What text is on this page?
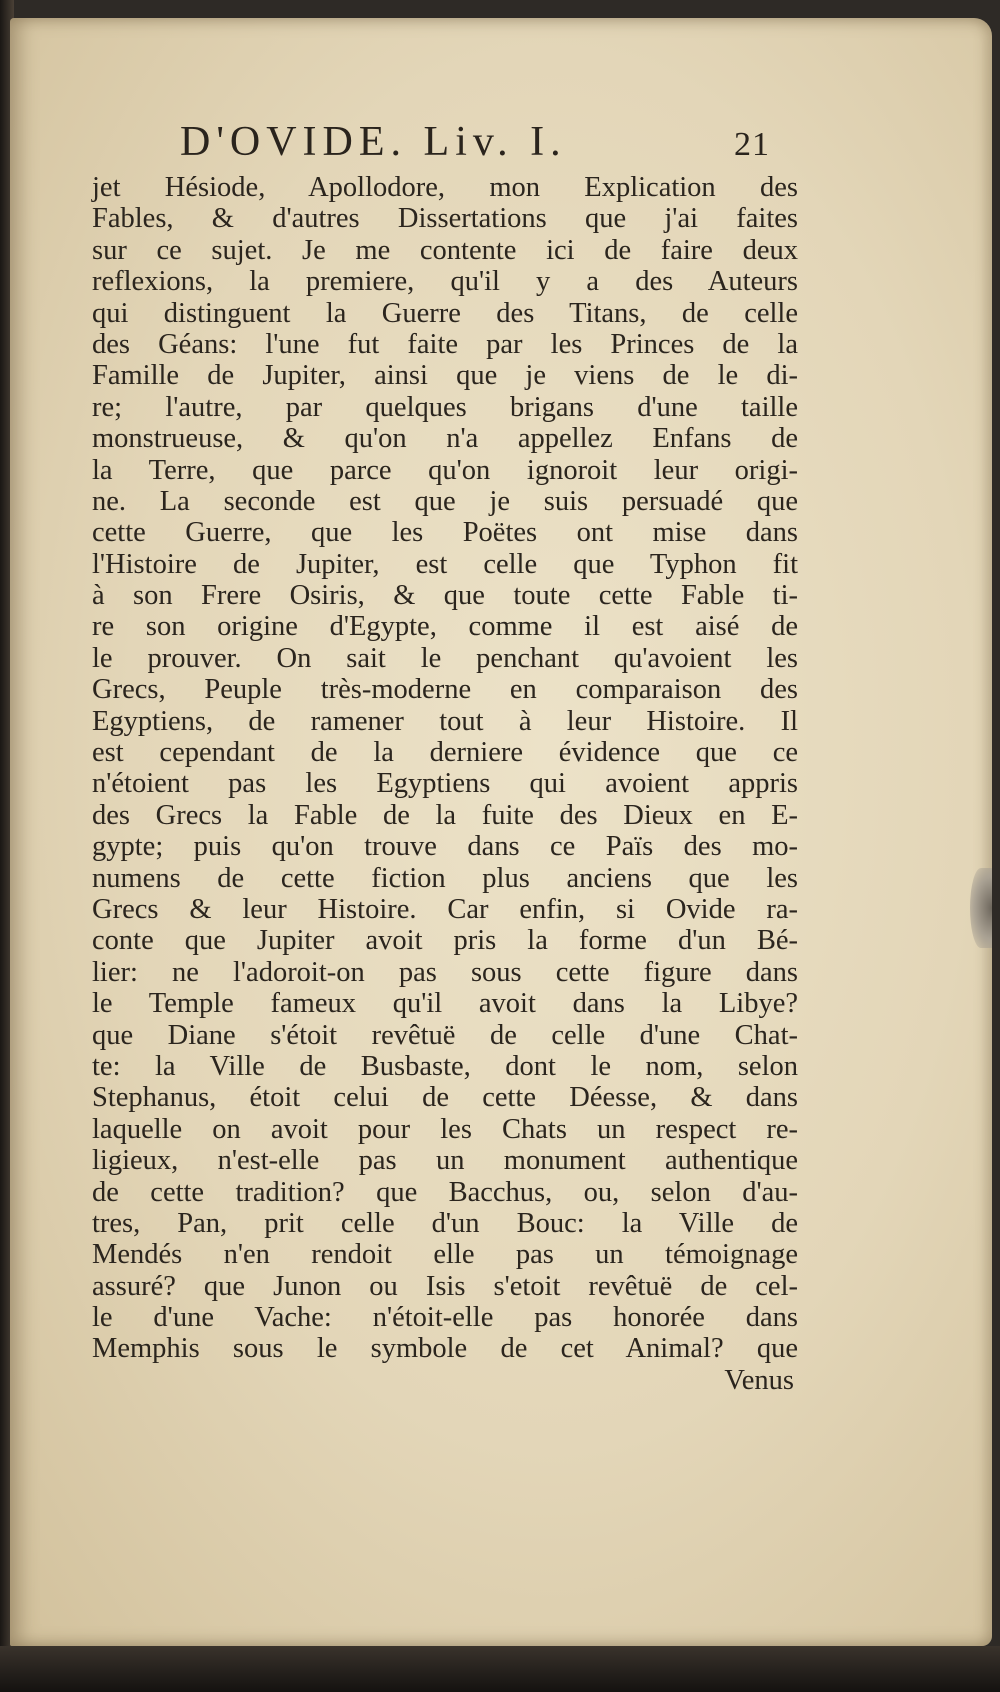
D'OVIDE. Liv. I.	21
jet Hésiode, Apollodore, mon Explication des
Fables, & d'autres Dissertations que j'ai faites
sur ce sujet. Je me contente ici de faire deux
reflexions, la premiere, qu'il y a des Auteurs
qui distinguent la Guerre des Titans, de celle
des Géans: l'une fut faite par les Princes de la
Famille de Jupiter, ainsi que je viens de le di-
re; l'autre, par quelques brigans d'une taille
monstrueuse, & qu'on n'a appellez Enfans de
la Terre, que parce qu'on ignoroit leur origi-
ne. La seconde est que je suis persuadé que
cette Guerre, que les Poëtes ont mise dans
l'Histoire de Jupiter, est celle que Typhon fit
à son Frere Osiris, & que toute cette Fable ti-
re son origine d'Egypte, comme il est aisé de
le prouver. On sait le penchant qu'avoient les
Grecs, Peuple très-moderne en comparaison des
Egyptiens, de ramener tout à leur Histoire. Il
est cependant de la derniere évidence que ce
n'étoient pas les Egyptiens qui avoient appris
des Grecs la Fable de la fuite des Dieux en E-
gypte; puis qu'on trouve dans ce Païs des mo-
numens de cette fiction plus anciens que les
Grecs & leur Histoire. Car enfin, si Ovide ra-
conte que Jupiter avoit pris la forme d'un Bé-
lier: ne l'adoroit-on pas sous cette figure dans
le Temple fameux qu'il avoit dans la Libye?
que Diane s'étoit revêtuë de celle d'une Chat-
te: la Ville de Busbaste, dont le nom, selon
Stephanus, étoit celui de cette Déesse, & dans
laquelle on avoit pour les Chats un respect re-
ligieux, n'est-elle pas un monument authentique
de cette tradition? que Bacchus, ou, selon d'au-
tres, Pan, prit celle d'un Bouc: la Ville de
Mendés n'en rendoit elle pas un témoignage
assuré? que Junon ou Isis s'etoit revêtuë de cel-
le d'une Vache: n'étoit-elle pas honorée dans
Memphis sous le symbole de cet Animal? que
Venus
